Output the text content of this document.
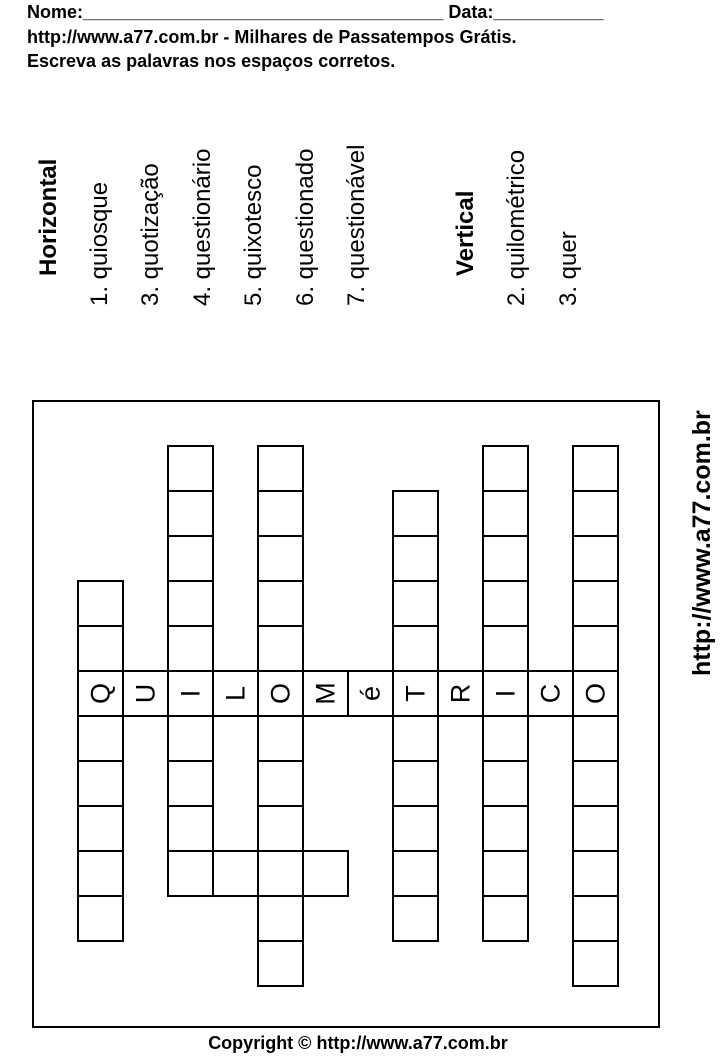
Nome:____________________________________ Data:___________
http://www.a77.com.br - Milhares de Passatempos Grátis.
Escreva as palavras nos espaços corretos.
Horizontal 1. quiosque 3. quotização 4. questionário 5. quixotesco 6. questionado 7. questionável	Vertical 2. quilométrico 3. quer
http://www.a77.com.br
Q U I L O M é T R I C O
Copyright © http://www.a77.com.br
